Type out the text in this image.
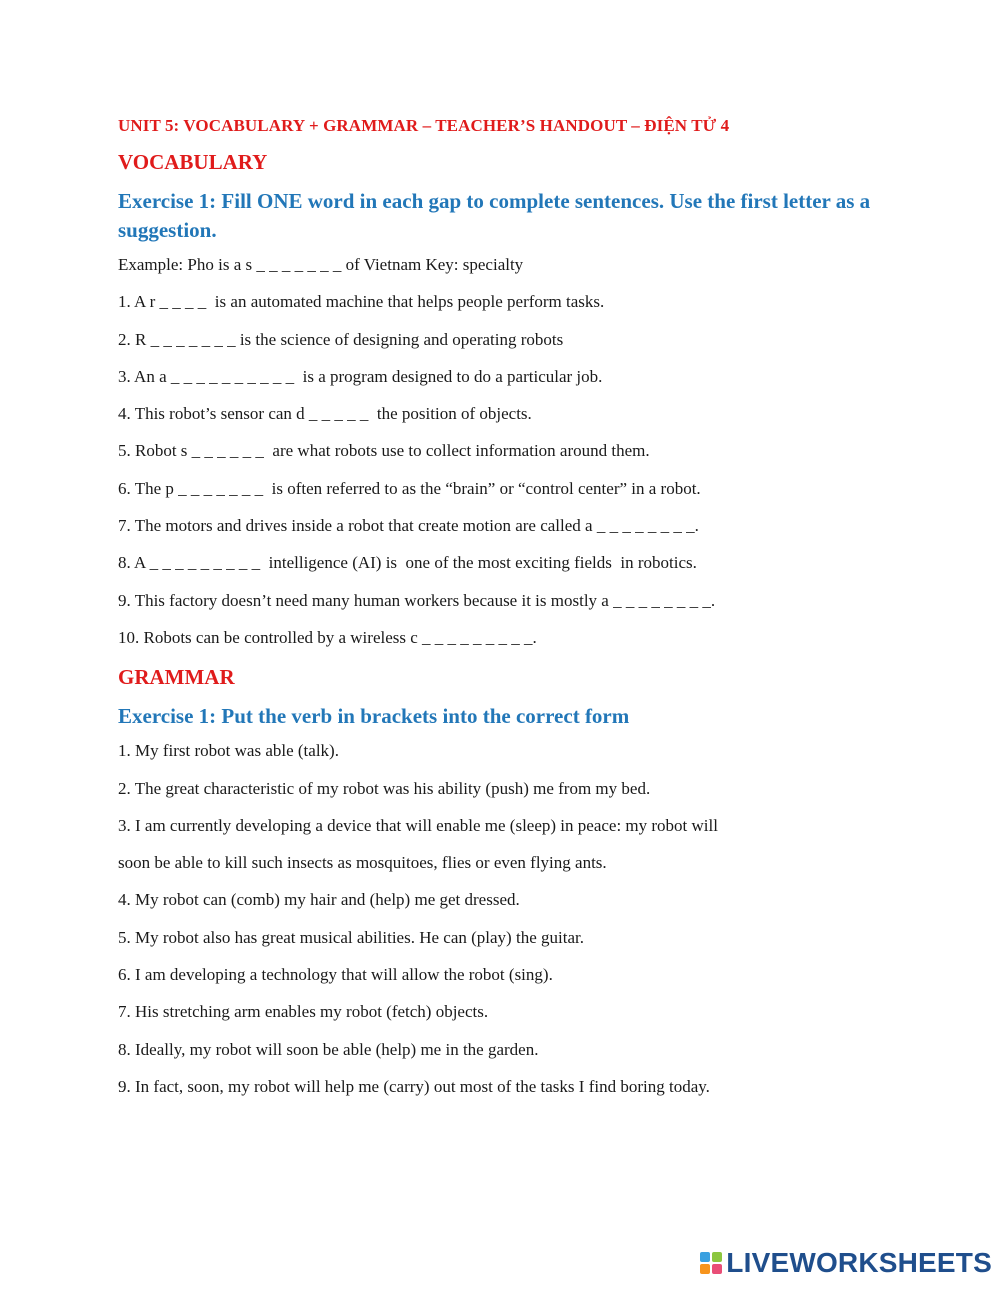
UNIT 5: VOCABULARY + GRAMMAR – TEACHER’S HANDOUT – ĐIỆN TỬ 4
VOCABULARY
Exercise 1: Fill ONE word in each gap to complete sentences. Use the first letter as a suggestion.
Example: Pho is a s _ _ _ _ _ _ _ of Vietnam Key: specialty
1. A r _ _ _ _  is an automated machine that helps people perform tasks.
2. R _ _ _ _ _ _ _ is the science of designing and operating robots
3. An a _ _ _ _ _ _ _ _ _ _  is a program designed to do a particular job.
4. This robot’s sensor can d _ _ _ _ _  the position of objects.
5. Robot s _ _ _ _ _ _  are what robots use to collect information around them.
6. The p _ _ _ _ _ _ _  is often referred to as the “brain” or “control center” in a robot.
7. The motors and drives inside a robot that create motion are called a _ _ _ _ _ _ _ _.
8. A _ _ _ _ _ _ _ _ _  intelligence (AI) is  one of the most exciting fields  in robotics.
9. This factory doesn’t need many human workers because it is mostly a _ _ _ _ _ _ _ _.
10. Robots can be controlled by a wireless c _ _ _ _ _ _ _ _ _.
GRAMMAR
Exercise 1: Put the verb in brackets into the correct form
1. My first robot was able (talk).
2. The great characteristic of my robot was his ability (push) me from my bed.
3. I am currently developing a device that will enable me (sleep) in peace: my robot will
soon be able to kill such insects as mosquitoes, flies or even flying ants.
4. My robot can (comb) my hair and (help) me get dressed.
5. My robot also has great musical abilities. He can (play) the guitar.
6. I am developing a technology that will allow the robot (sing).
7. His stretching arm enables my robot (fetch) objects.
8. Ideally, my robot will soon be able (help) me in the garden.
9. In fact, soon, my robot will help me (carry) out most of the tasks I find boring today.
LIVEWORKSHEETS
